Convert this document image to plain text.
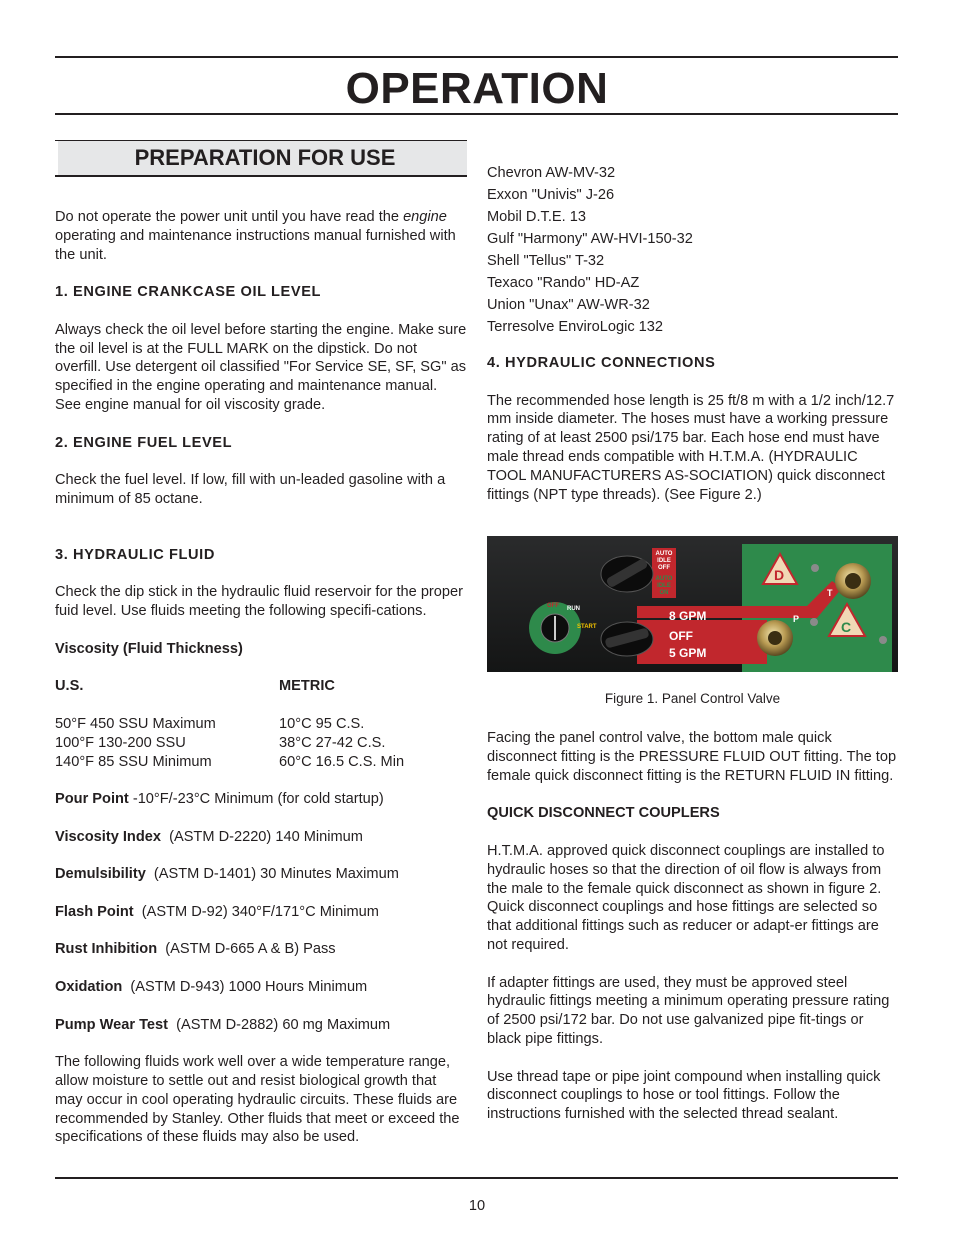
OPERATION
PREPARATION FOR USE

Do not operate the power unit until you have read the engine operating and maintenance instructions manual furnished with the unit.

1. ENGINE CRANKCASE OIL LEVEL

Always check the oil level before starting the engine. Make sure the oil level is at the FULL MARK on the dipstick. Do not overfill. Use detergent oil classified "For Service SE, SF, SG" as specified in the engine operating and maintenance manual. See engine manual for oil viscosity grade.

2. ENGINE FUEL LEVEL

Check the fuel level. If low, fill with un-leaded gasoline with a minimum of 85 octane.

3. HYDRAULIC FLUID

Check the dip stick in the hydraulic fluid reservoir for the proper fuid level. Use fluids meeting the following specifi-cations.

Viscosity (Fluid Thickness)
U.S.	METRIC
50°F 450 SSU Maximum	10°C 95 C.S.
100°F 130-200 SSU	38°C 27-42 C.S.
140°F 85 SSU Minimum	60°C 16.5 C.S. Min

Pour Point -10°F/-23°C Minimum (for cold startup)

Viscosity Index  (ASTM D-2220) 140 Minimum

Demulsibility  (ASTM D-1401) 30 Minutes Maximum

Flash Point  (ASTM D-92) 340°F/171°C Minimum

Rust Inhibition  (ASTM D-665 A & B) Pass

Oxidation  (ASTM D-943) 1000 Hours Minimum

Pump Wear Test  (ASTM D-2882) 60 mg Maximum

The following fluids work well over a wide temperature range, allow moisture to settle out and resist biological growth that may occur in cool operating hydraulic circuits. These fluids are recommended by Stanley. Other fluids that meet or exceed the specifications of these fluids may also be used.

Chevron AW-MV-32
Exxon "Univis" J-26
Mobil D.T.E. 13
Gulf "Harmony" AW-HVI-150-32
Shell "Tellus" T-32
Texaco "Rando" HD-AZ
Union "Unax" AW-WR-32
Terresolve EnviroLogic 132
4. HYDRAULIC CONNECTIONS

The recommended hose length is 25 ft/8 m with a 1/2 inch/12.7 mm inside diameter. The hoses must have a working pressure rating of at least 2500 psi/175 bar. Each hose end must have male thread ends compatible with H.T.M.A. (HYDRAULIC TOOL MANUFACTURERS AS-SOCIATION) quick disconnect fittings (NPT type threads). (See Figure 2.)

AUTO
IDLE
OFF
AUTO
IDLE
ON
OFF RUN
START
8 GPM
OFF
5 GPM
D
C
T
P
Figure 1. Panel Control Valve

Facing the panel control valve, the bottom male quick disconnect fitting is the PRESSURE FLUID OUT fitting. The top female quick disconnect fitting is the RETURN FLUID IN fitting.

QUICK DISCONNECT COUPLERS

H.T.M.A. approved quick disconnect couplings are installed to hydraulic hoses so that the direction of oil flow is always from the male to the female quick disconnect as shown in figure 2. Quick disconnect couplings and hose fittings are selected so that additional fittings such as reducer or adapt-er fittings are not required.

If adapter fittings are used, they must be approved steel hydraulic fittings meeting a minimum operating pressure rating of 2500 psi/172 bar. Do not use galvanized pipe fit-tings or black pipe fittings.

Use thread tape or pipe joint compound when installing quick disconnect couplings to hose or tool fittings. Follow the instructions furnished with the selected thread sealant.

10
